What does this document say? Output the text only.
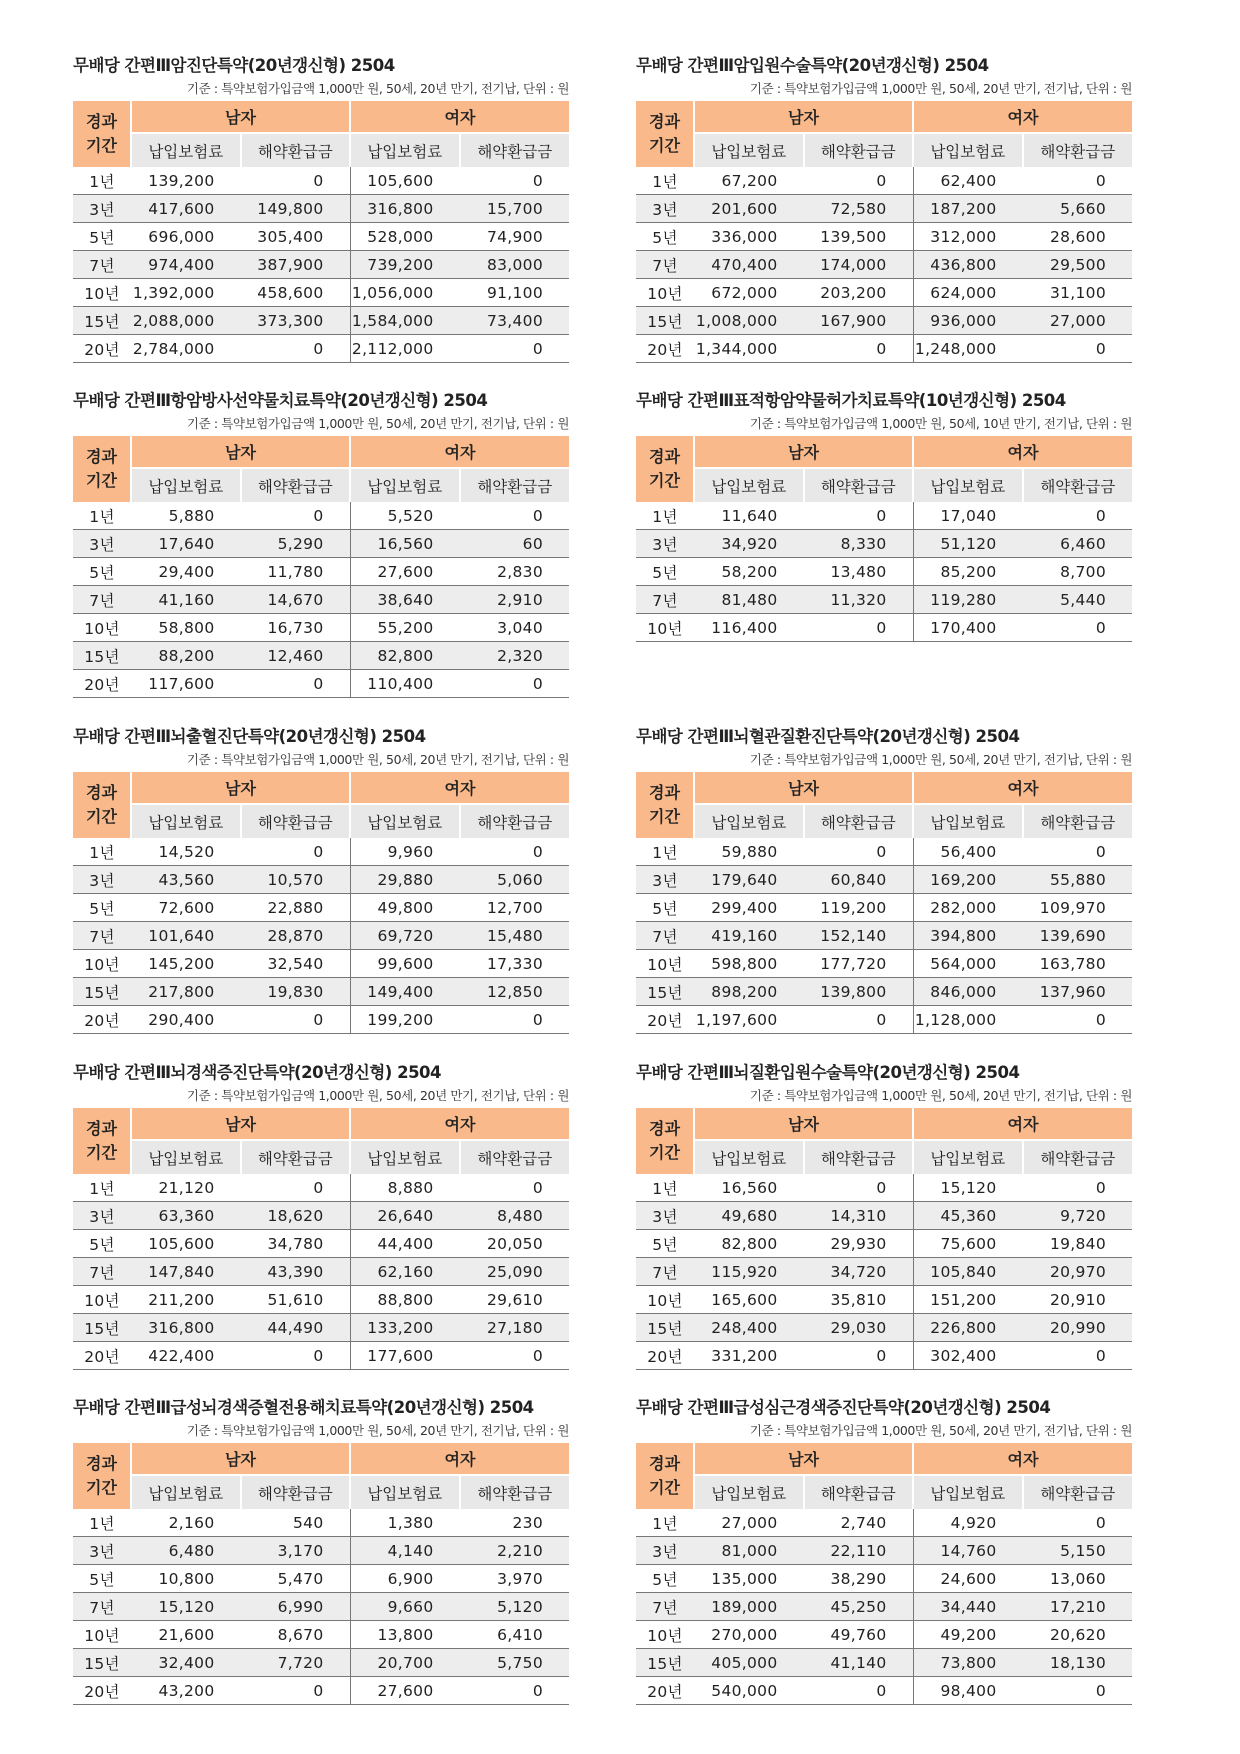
무배당 간편Ⅲ암진단특약(20년갱신형) 2504
기준 : 특약보험가입금액 1,000만 원, 50세, 20년 만기, 전기납, 단위 : 원
경과
기간	남자		여자	
	납입보험료	해약환급금	납입보험료	해약환급금
1년	139,200	0	105,600	0
3년	417,600	149,800	316,800	15,700
5년	696,000	305,400	528,000	74,900
7년	974,400	387,900	739,200	83,000
10년	1,392,000	458,600	1,056,000	91,100
15년	2,088,000	373,300	1,584,000	73,400
20년	2,784,000	0	2,112,000	0
무배당 간편Ⅲ암입원수술특약(20년갱신형) 2504
기준 : 특약보험가입금액 1,000만 원, 50세, 20년 만기, 전기납, 단위 : 원
경과
기간	남자		여자	
	납입보험료	해약환급금	납입보험료	해약환급금
1년	67,200	0	62,400	0
3년	201,600	72,580	187,200	5,660
5년	336,000	139,500	312,000	28,600
7년	470,400	174,000	436,800	29,500
10년	672,000	203,200	624,000	31,100
15년	1,008,000	167,900	936,000	27,000
20년	1,344,000	0	1,248,000	0
무배당 간편Ⅲ항암방사선약물치료특약(20년갱신형) 2504
기준 : 특약보험가입금액 1,000만 원, 50세, 20년 만기, 전기납, 단위 : 원
경과
기간	남자		여자	
	납입보험료	해약환급금	납입보험료	해약환급금
1년	5,880	0	5,520	0
3년	17,640	5,290	16,560	60
5년	29,400	11,780	27,600	2,830
7년	41,160	14,670	38,640	2,910
10년	58,800	16,730	55,200	3,040
15년	88,200	12,460	82,800	2,320
20년	117,600	0	110,400	0
무배당 간편Ⅲ표적항암약물허가치료특약(10년갱신형) 2504
기준 : 특약보험가입금액 1,000만 원, 50세, 10년 만기, 전기납, 단위 : 원
경과
기간	남자		여자	
	납입보험료	해약환급금	납입보험료	해약환급금
1년	11,640	0	17,040	0
3년	34,920	8,330	51,120	6,460
5년	58,200	13,480	85,200	8,700
7년	81,480	11,320	119,280	5,440
10년	116,400	0	170,400	0
무배당 간편Ⅲ뇌출혈진단특약(20년갱신형) 2504
기준 : 특약보험가입금액 1,000만 원, 50세, 20년 만기, 전기납, 단위 : 원
경과
기간	남자		여자	
	납입보험료	해약환급금	납입보험료	해약환급금
1년	14,520	0	9,960	0
3년	43,560	10,570	29,880	5,060
5년	72,600	22,880	49,800	12,700
7년	101,640	28,870	69,720	15,480
10년	145,200	32,540	99,600	17,330
15년	217,800	19,830	149,400	12,850
20년	290,400	0	199,200	0
무배당 간편Ⅲ뇌혈관질환진단특약(20년갱신형) 2504
기준 : 특약보험가입금액 1,000만 원, 50세, 20년 만기, 전기납, 단위 : 원
경과
기간	남자		여자	
	납입보험료	해약환급금	납입보험료	해약환급금
1년	59,880	0	56,400	0
3년	179,640	60,840	169,200	55,880
5년	299,400	119,200	282,000	109,970
7년	419,160	152,140	394,800	139,690
10년	598,800	177,720	564,000	163,780
15년	898,200	139,800	846,000	137,960
20년	1,197,600	0	1,128,000	0
무배당 간편Ⅲ뇌경색증진단특약(20년갱신형) 2504
기준 : 특약보험가입금액 1,000만 원, 50세, 20년 만기, 전기납, 단위 : 원
경과
기간	남자		여자	
	납입보험료	해약환급금	납입보험료	해약환급금
1년	21,120	0	8,880	0
3년	63,360	18,620	26,640	8,480
5년	105,600	34,780	44,400	20,050
7년	147,840	43,390	62,160	25,090
10년	211,200	51,610	88,800	29,610
15년	316,800	44,490	133,200	27,180
20년	422,400	0	177,600	0
무배당 간편Ⅲ뇌질환입원수술특약(20년갱신형) 2504
기준 : 특약보험가입금액 1,000만 원, 50세, 20년 만기, 전기납, 단위 : 원
경과
기간	남자		여자	
	납입보험료	해약환급금	납입보험료	해약환급금
1년	16,560	0	15,120	0
3년	49,680	14,310	45,360	9,720
5년	82,800	29,930	75,600	19,840
7년	115,920	34,720	105,840	20,970
10년	165,600	35,810	151,200	20,910
15년	248,400	29,030	226,800	20,990
20년	331,200	0	302,400	0
무배당 간편Ⅲ급성뇌경색증혈전용해치료특약(20년갱신형) 2504
기준 : 특약보험가입금액 1,000만 원, 50세, 20년 만기, 전기납, 단위 : 원
경과
기간	남자		여자	
	납입보험료	해약환급금	납입보험료	해약환급금
1년	2,160	540	1,380	230
3년	6,480	3,170	4,140	2,210
5년	10,800	5,470	6,900	3,970
7년	15,120	6,990	9,660	5,120
10년	21,600	8,670	13,800	6,410
15년	32,400	7,720	20,700	5,750
20년	43,200	0	27,600	0
무배당 간편Ⅲ급성심근경색증진단특약(20년갱신형) 2504
기준 : 특약보험가입금액 1,000만 원, 50세, 20년 만기, 전기납, 단위 : 원
경과
기간	남자		여자	
	납입보험료	해약환급금	납입보험료	해약환급금
1년	27,000	2,740	4,920	0
3년	81,000	22,110	14,760	5,150
5년	135,000	38,290	24,600	13,060
7년	189,000	45,250	34,440	17,210
10년	270,000	49,760	49,200	20,620
15년	405,000	41,140	73,800	18,130
20년	540,000	0	98,400	0
